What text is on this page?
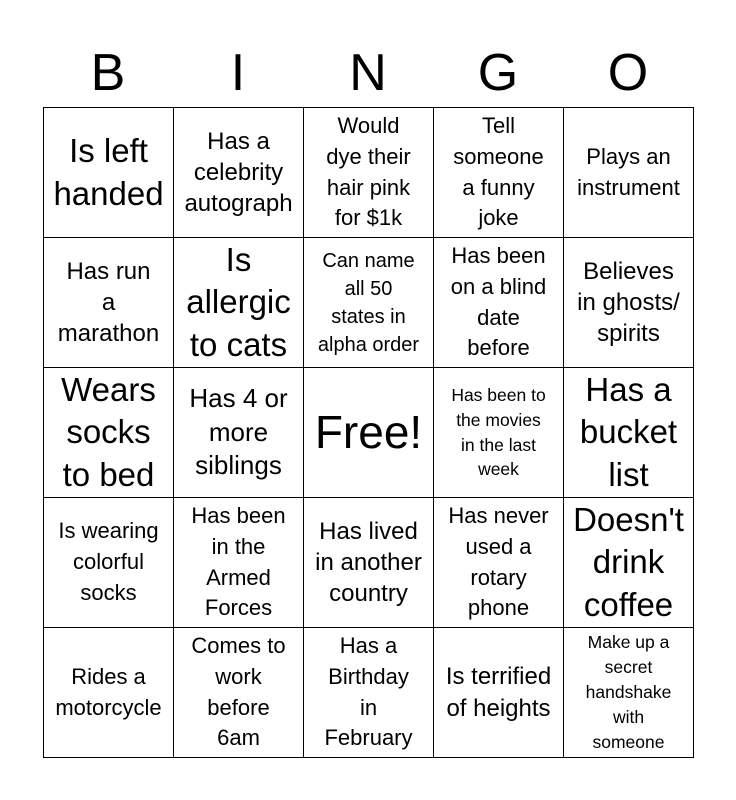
B	I	N	G	O
Is left
handed	Has a
celebrity
autograph	Would
dye their
hair pink
for $1k	Tell
someone
a funny
joke	Plays an
instrument

Has run
a
marathon	Is
allergic
to cats	Can name
all 50
states in
alpha order	Has been
on a blind
date
before	Believes
in ghosts/
spirits

Wears
socks
to bed	Has 4 or
more
siblings	Free!	Has been to
the movies
in the last
week	Has a
bucket
list

Is wearing
colorful
socks	Has been
in the
Armed
Forces	Has lived
in another
country	Has never
used a
rotary
phone	Doesn't
drink
coffee

Rides a
motorcycle	Comes to
work
before
6am	Has a
Birthday
in
February	Is terrified
of heights	Make up a
secret
handshake
with
someone
